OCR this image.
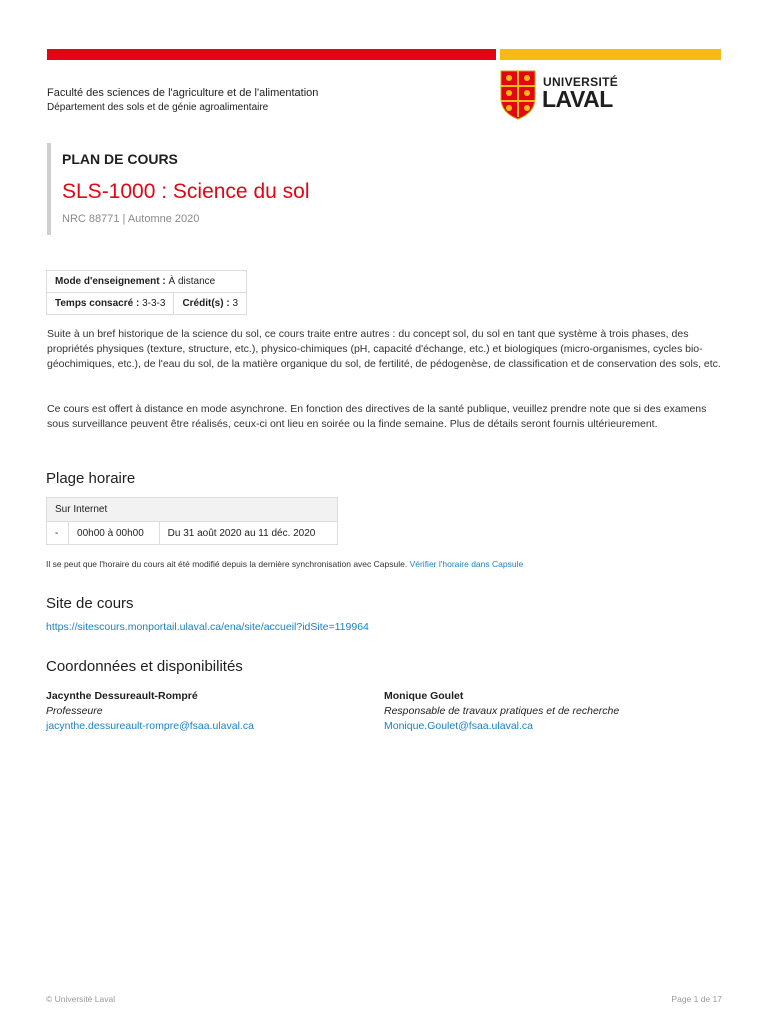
Faculté des sciences de l'agriculture et de l'alimentation
Département des sols et de génie agroalimentaire
UNIVERSITÉ
LAVAL
PLAN DE COURS
SLS-1000 : Science du sol
NRC 88771 | Automne 2020
Mode d'enseignement : À distance
Temps consacré : 3-3-3	Crédit(s) : 3

Suite à un bref historique de la science du sol, ce cours traite entre autres : du concept sol, du sol en tant que système à trois phases, des propriétés physiques (texture, structure, etc.), physico-chimiques (pH, capacité d'échange, etc.) et biologiques (micro-organismes, cycles bio-géochimiques, etc.), de l'eau du sol, de la matière organique du sol, de fertilité, de pédogenèse, de classification et de conservation des sols, etc.

Ce cours est offert à distance en mode asynchrone. En fonction des directives de la santé publique, veuillez prendre note que si des examens sous surveillance peuvent être réalisés, ceux-ci ont lieu en soirée ou la finde semaine. Plus de détails seront fournis ultérieurement.

Plage horaire
Sur Internet
-	00h00 à 00h00	Du 31 août 2020 au 11 déc. 2020
Il se peut que l'horaire du cours ait été modifié depuis la dernière synchronisation avec Capsule. Vérifier l'horaire dans Capsule
Site de cours
https://sitescours.monportail.ulaval.ca/ena/site/accueil?idSite=119964
Coordonnées et disponibilités
Jacynthe Dessureault-Rompré
Professeure
jacynthe.dessureault-rompre@fsaa.ulaval.ca
Monique Goulet
Responsable de travaux pratiques et de recherche
Monique.Goulet@fsaa.ulaval.ca
© Université Laval	Page 1 de 17
